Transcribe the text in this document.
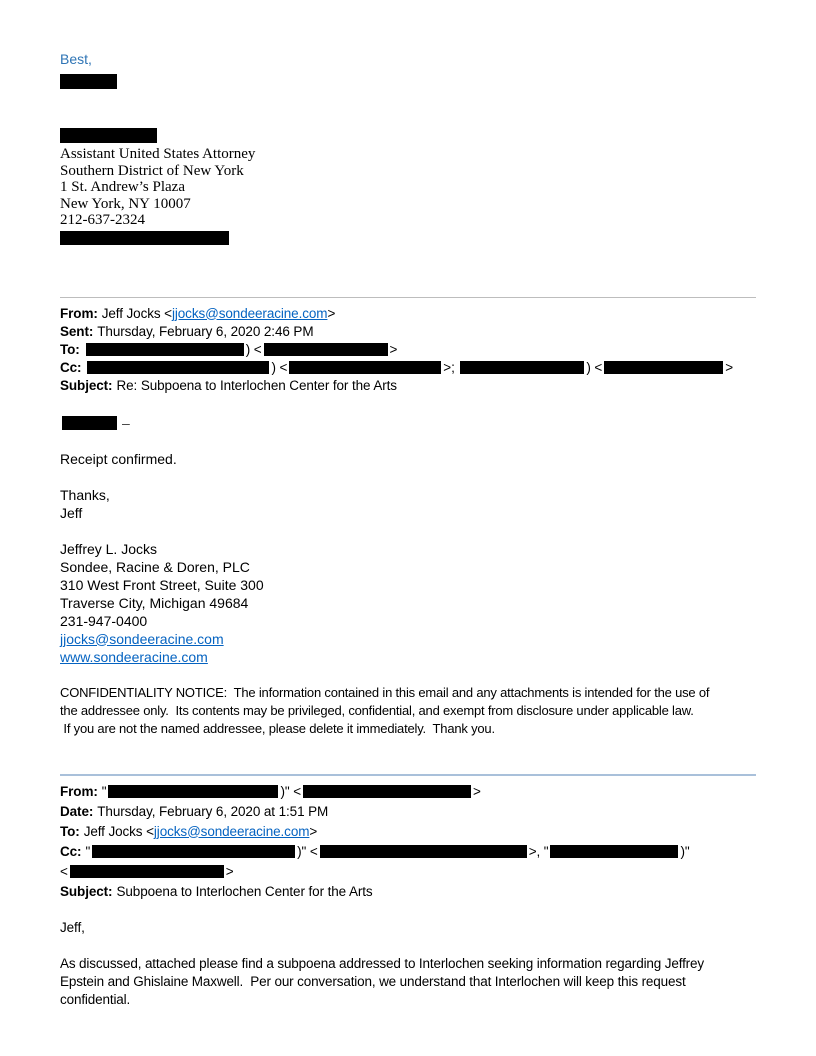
Best,

Assistant United States Attorney
Southern District of New York
1 St. Andrew’s Plaza
New York, NY 10007
212-637-2324
From: Jeff Jocks <jjocks@sondeeracine.com>
Sent: Thursday, February 6, 2020 2:46 PM
To:	) <	>
Cc:	) <	>;	) <	>
Subject: Re: Subpoena to Interlochen Center for the Arts
–

Receipt confirmed.

Thanks,
Jeff
Jeffrey L. Jocks
Sondee, Racine & Doren, PLC
310 West Front Street, Suite 300
Traverse City, Michigan 49684
231-947-0400
jjocks@sondeeracine.com
www.sondeeracine.com

CONFIDENTIALITY NOTICE:  The information contained in this email and any attachments is intended for the use of
the addressee only.  Its contents may be privileged, confidential, and exempt from disclosure under applicable law.
If you are not the named addressee, please delete it immediately.  Thank you.

From: "	)" <	>
Date: Thursday, February 6, 2020 at 1:51 PM
To: Jeff Jocks <jjocks@sondeeracine.com>
Cc: "	)" <	>, "	)"
<	>
Subject: Subpoena to Interlochen Center for the Arts

Jeff,

As discussed, attached please find a subpoena addressed to Interlochen seeking information regarding Jeffrey
Epstein and Ghislaine Maxwell.  Per our conversation, we understand that Interlochen will keep this request
confidential.
